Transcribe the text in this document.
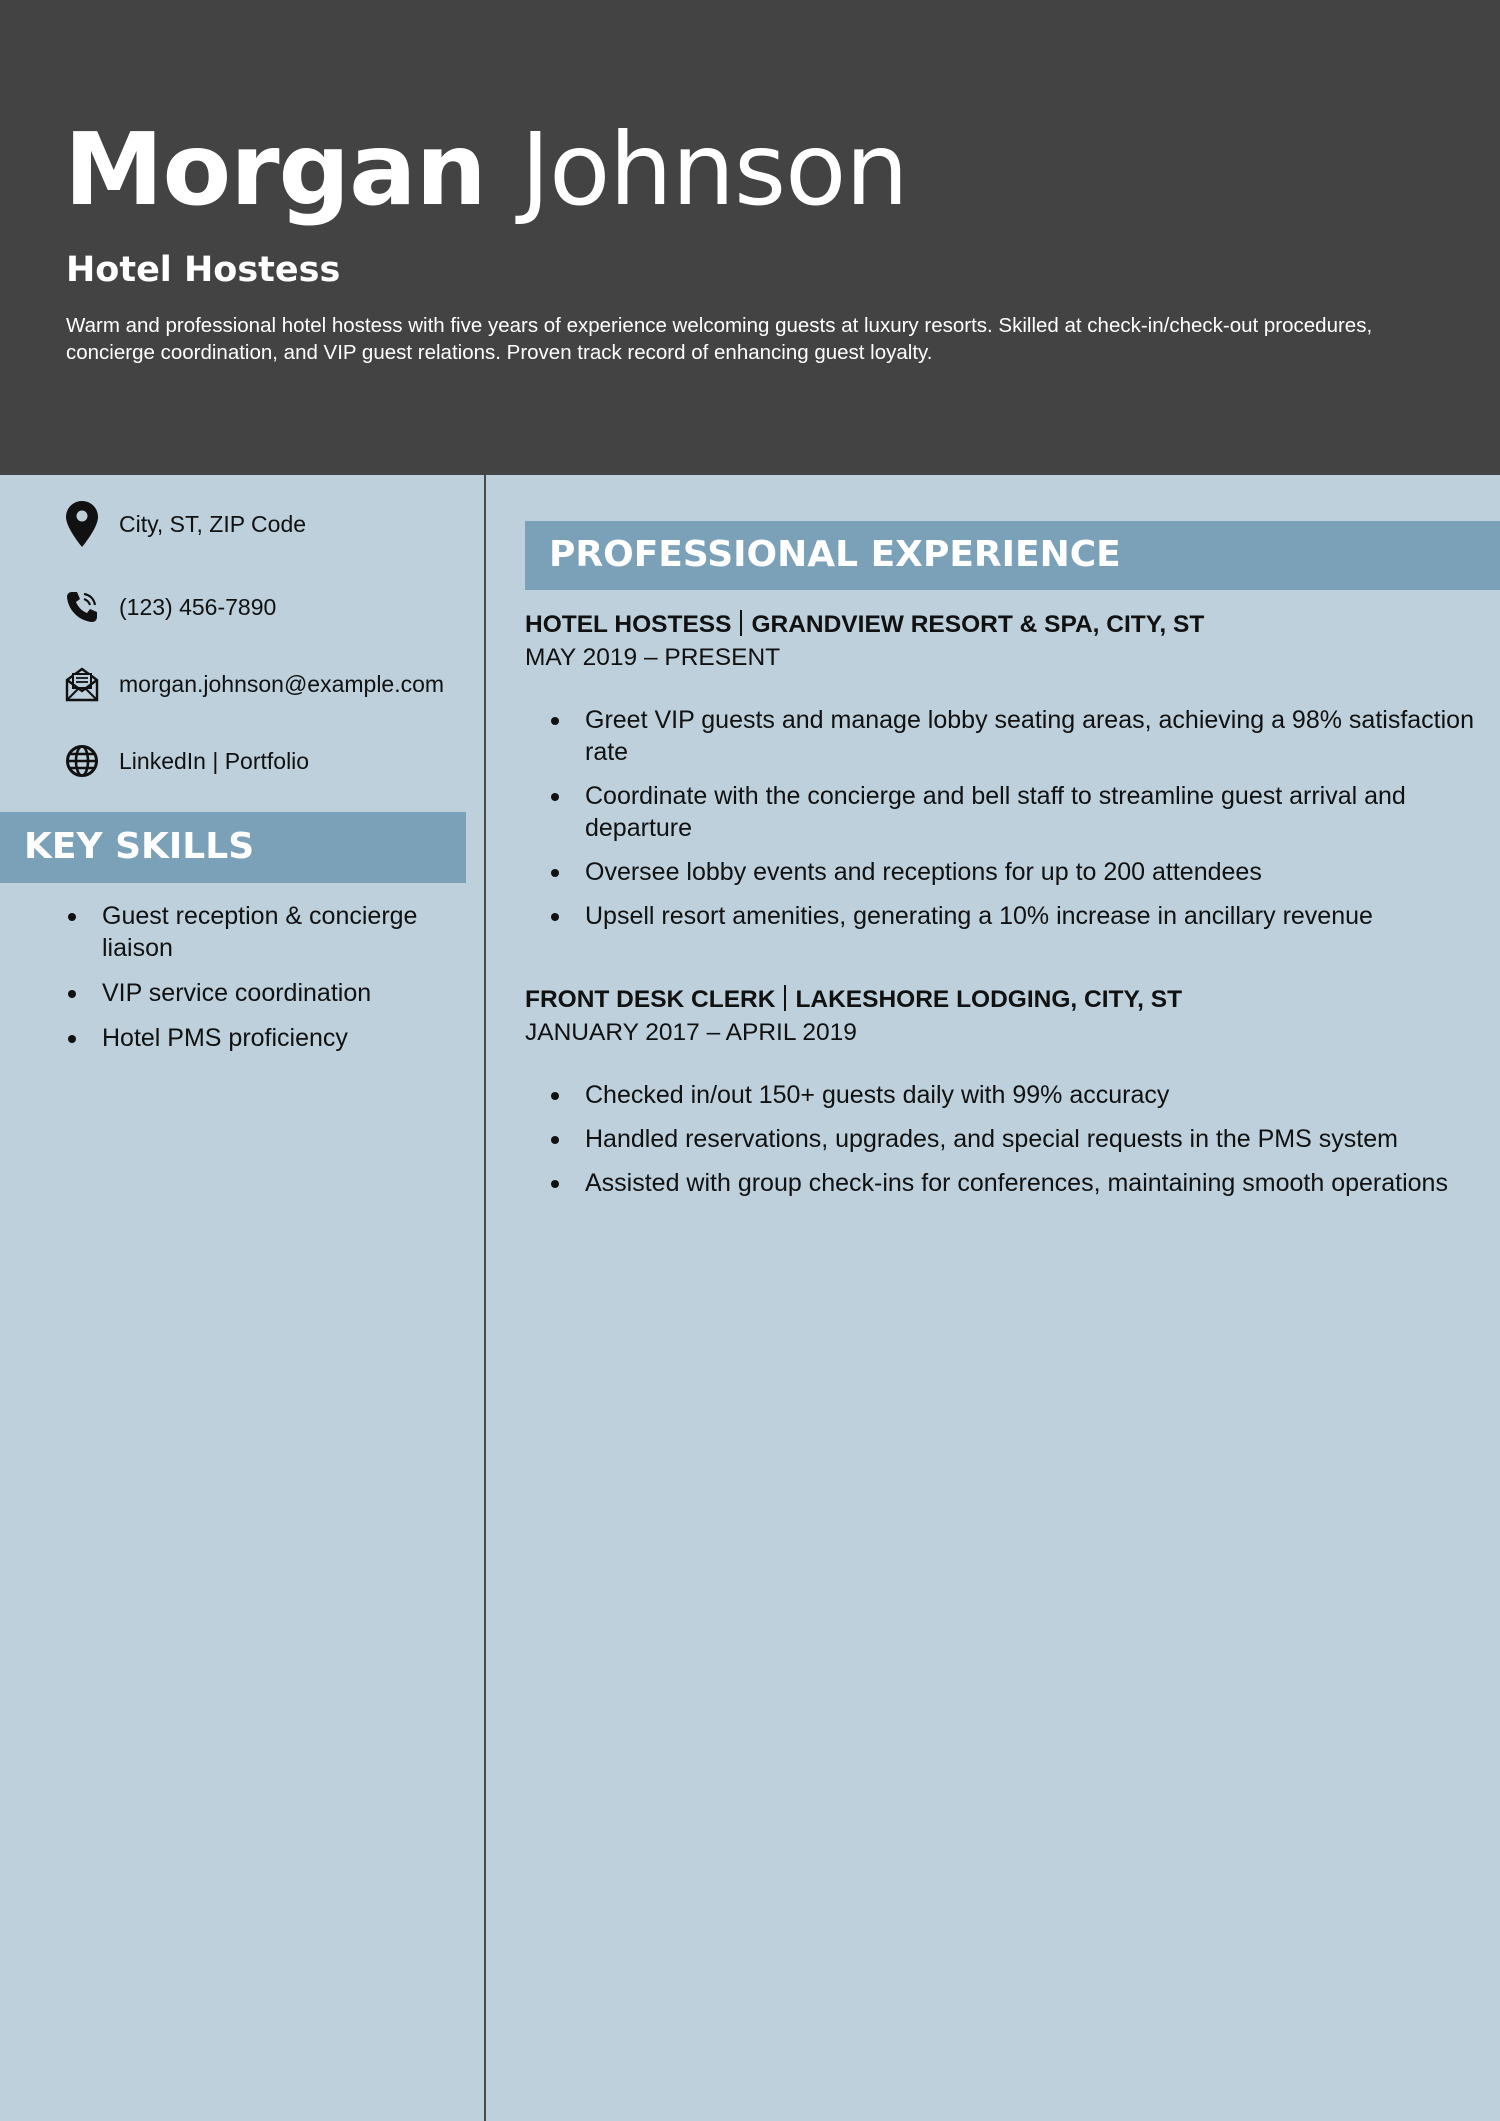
Morgan Johnson
Hotel Hostess
Warm and professional hotel hostess with five years of experience welcoming guests at luxury resorts. Skilled at check-in/check-out procedures, concierge coordination, and VIP guest relations. Proven track record of enhancing guest loyalty.
City, ST, ZIP Code
(123) 456-7890
morgan.johnson@example.com
LinkedIn | Portfolio
KEY SKILLS
Guest reception & concierge liaison
VIP service coordination
Hotel PMS proficiency
PROFESSIONAL EXPERIENCE
HOTEL HOSTESS GRANDVIEW RESORT & SPA, CITY, ST
MAY 2019 – PRESENT
Greet VIP guests and manage lobby seating areas, achieving a 98% satisfaction rate
Coordinate with the concierge and bell staff to streamline guest arrival and departure
Oversee lobby events and receptions for up to 200 attendees
Upsell resort amenities, generating a 10% increase in ancillary revenue
FRONT DESK CLERK LAKESHORE LODGING, CITY, ST
JANUARY 2017 – APRIL 2019
Checked in/out 150+ guests daily with 99% accuracy
Handled reservations, upgrades, and special requests in the PMS system
Assisted with group check-ins for conferences, maintaining smooth operations
